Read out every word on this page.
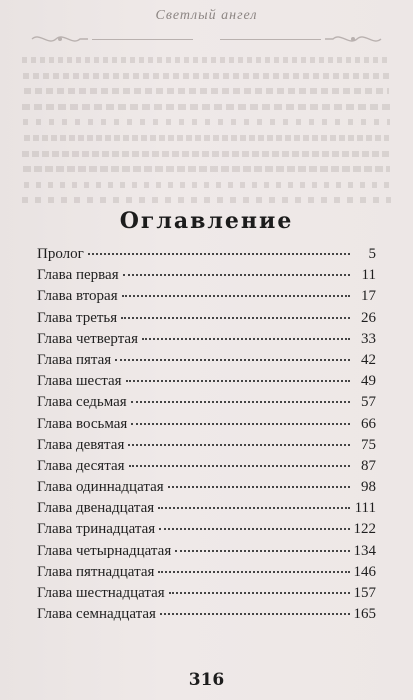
Светлый ангел
Оглавление
Пролог	5
Глава первая	11
Глава вторая	17
Глава третья	26
Глава четвертая	33
Глава пятая	42
Глава шестая	49
Глава седьмая	57
Глава восьмая	66
Глава девятая	75
Глава десятая	87
Глава одиннадцатая	98
Глава двенадцатая	111
Глава тринадцатая	122
Глава четырнадцатая	134
Глава пятнадцатая	146
Глава шестнадцатая	157
Глава семнадцатая	165
316
